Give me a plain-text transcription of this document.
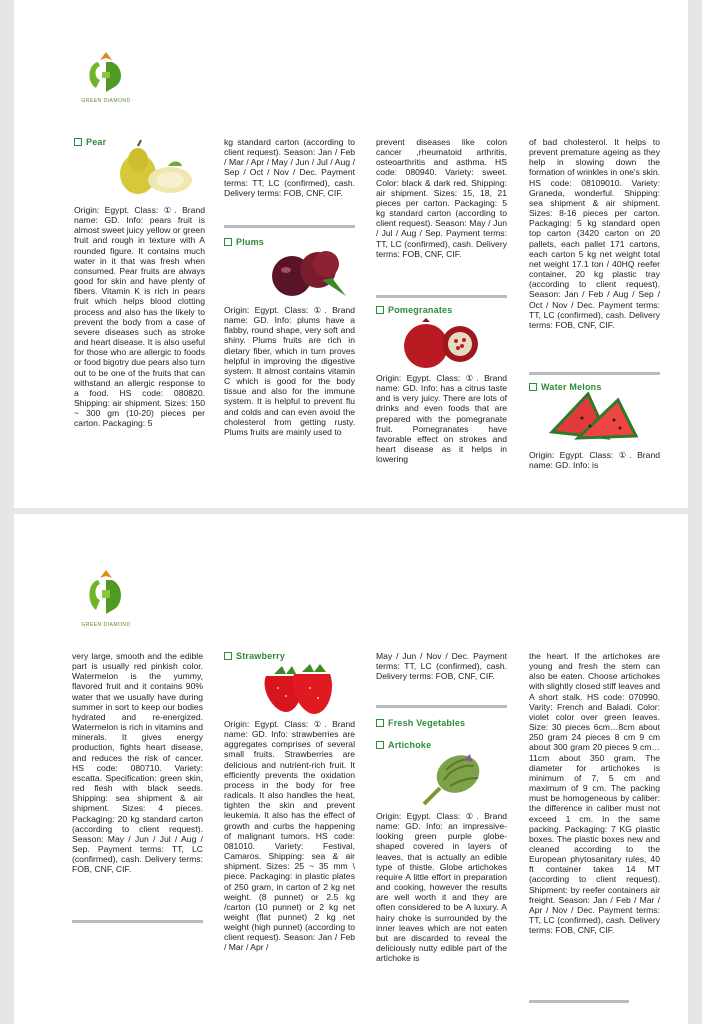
GREEN DIAMOND
Pear
Origin: Egypt. Class: ①. Brand name: GD. Info: pears fruit is almost sweet juicy yellow or green fruit and rough in texture with A rounded figure. It contains much water in it that was fresh when consumed. Pear fruits are always good for skin and have plenty of fibers. Vitamin K is rich in pears fruit which helps blood clotting process and also has the likely to prevent the body from a case of severe diseases such as stroke and heart disease. It is also useful for those who are allergic to foods or food bigotry due pears also turn out to be one of the fruits that can withstand an allergic response to a food. HS code: 080820. Shipping: air shipment. Sizes: 150 ~ 300 gm (10-20) pieces per carton. Packaging: 5
kg standard carton (according to client request). Season: Jan / Feb / Mar / Apr / May / Jun / Jul / Aug / Sep / Oct / Nov / Dec. Payment terms: TT, LC (confirmed), cash. Delivery terms: FOB, CNF, CIF.
Plums
Origin: Egypt. Class: ①. Brand name: GD. Info: plums have a flabby, round shape, very soft and shiny. Plums fruits are rich in dietary fiber, which in turn proves helpful in improving the digestive system. It almost contains vitamin C which is good for the body tissue and also for the immune system. It is helpful to prevent flu and colds and can even avoid the cholesterol from getting rusty. Plums fruits are mainly used to
prevent diseases like colon cancer ,rheumatoid arthritis, osteoarthritis and asthma. HS code: 080940. Variety: sweet. Color: black & dark red. Shipping: air shipment. Sizes: 15, 18, 21 pieces per carton. Packaging: 5 kg standard carton (according to client request). Season: May / Jun / Jul / Aug / Sep. Payment terms: TT, LC (confirmed), cash. Delivery terms: FOB, CNF, CIF.
Pomegranates
Origin: Egypt. Class: ①. Brand name: GD. Info: has a citrus taste and is very juicy. There are lots of drinks and even foods that are prepared with the pomegranate fruit. Pomegranates have favorable effect on strokes and heart disease as it helps in lowering
of bad cholesterol. It helps to prevent premature ageing as they help in slowing down the formation of wrinkles in one's skin. HS code: 08109010. Variety: Graneda, wonderful. Shipping: sea shipment & air shipment. Sizes: 8-16 pieces per carton. Packaging: 5 kg standard open top carton (3420 carton on 20 pallets, each pallet 171 cartons, each carton 5 kg net weight total net weight 17.1 ton / 40HQ reefer container, 20 kg plastic tray (according to client request). Season: Jan / Feb / Aug / Sep / Oct / Nov / Dec. Payment terms: TT, LC (confirmed), cash. Delivery terms: FOB, CNF, CIF.
Water Melons
Origin: Egypt. Class: ①. Brand name: GD. Info: is
GREEN DIAMOND
very large, smooth and the edible part is usually red pinkish color. Watermelon is the yummy, flavored fruit and it contains 90% water that we usually have during summer in sort to keep our bodies hydrated and re-energized. Watermelon is rich in vitamins and minerals. It gives energy production, fights heart disease, and reduces the risk of cancer. HS code: 080710. Variety: escatta. Specification: green skin, red flesh with black seeds. Shipping: sea shipment & air shipment. Sizes: 4 pieces. Packaging: 20 kg standard carton (according to client request). Season: May / Jun / Jul / Aug / Sep. Payment terms: TT, LC (confirmed), cash. Delivery terms: FOB, CNF, CIF.
Strawberry
Origin: Egypt. Class: ①. Brand name: GD. Info: strawberries are aggregates comprises of several small fruits. Strawberries are delicious and nutrient-rich fruit. It efficiently prevents the oxidation process in the body for free radicals. It also handles the heat, tighten the skin and prevent leukemia. It also has the effect of growth and curbs the happening of malignant tumors. HS code: 081010. Variety: Festival, Camaros. Shipping: sea & air shipment. Sizes: 25 ~ 35 mm \ piece. Packaging: in plastic plates of 250 gram, in carton of 2 kg net weight. (8 punnet) or 2.5 kg /carton (10 punnet) or 2 kg net weight (flat punnet) 2 kg net weight (high punnet) (according to client request). Season: Jan / Feb / Mar / Apr /
May / Jun / Nov / Dec. Payment terms: TT, LC (confirmed), cash. Delivery terms: FOB, CNF, CIF.
Fresh Vegetables
Artichoke
Origin: Egypt. Class: ①. Brand name: GD. Info: an impressive-looking green purple globe-shaped covered in layers of leaves, that is actually an edible type of thistle. Globe artichokes require A little effort in preparation and cooking, however the results are well worth it and they are often considered to be A luxury. A hairy choke is surrounded by the inner leaves which are not eaten but are discarded to reveal the deliciously nutty edible part of the artichoke is
the heart. If the artichokes are young and fresh the stem can also be eaten. Choose artichokes with slightly closed stiff leaves and A short stalk. HS code: 070990. Varity: French and Baladi. Color: violet color over green leaves. Size: 30 pieces 6cm…8cm about 250 gram 24 pieces 8 cm 9 cm about 300 gram 20 pieces 9 cm…11cm about 350 gram. The diameter for artichokes is minimum of 7, 5 cm and maximum of 9 cm. The packing must be homogeneous by caliber: the difference in caliber must not exceed 1 cm. In the same packing. Packaging: 7 KG plastic boxes. The plastic boxes new and cleaned according to the European phytosanitary rules, 40 ft container takes 14 MT (according to client request). Shipment: by reefer containers air freight. Season: Jan / Feb / Mar / Apr / Nov / Dec. Payment terms: TT, LC (confirmed), cash. Delivery terms: FOB, CNF, CIF.
